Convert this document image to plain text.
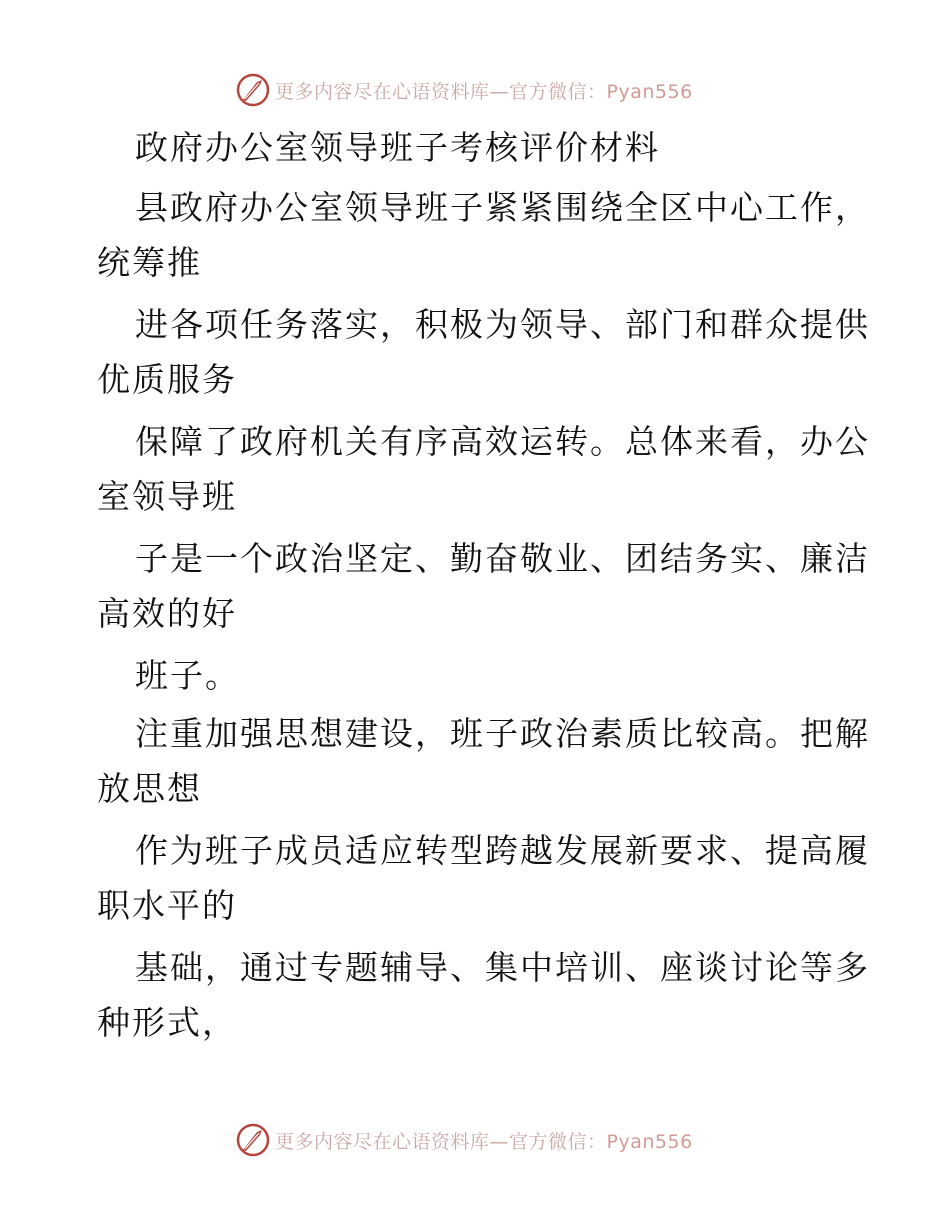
更多内容尽在心语资料库—官方微信：Pyan556
政府办公室领导班子考核评价材料
县政府办公室领导班子紧紧围绕全区中心工作，
统筹推
进各项任务落实，积极为领导、部门和群众提供
优质服务
保障了政府机关有序高效运转。总体来看，办公
室领导班
子是一个政治坚定、勤奋敬业、团结务实、廉洁
高效的好
班子。
注重加强思想建设，班子政治素质比较高。把解
放思想
作为班子成员适应转型跨越发展新要求、提高履
职水平的
基础，通过专题辅导、集中培训、座谈讨论等多
种形式，
更多内容尽在心语资料库—官方微信：Pyan556
